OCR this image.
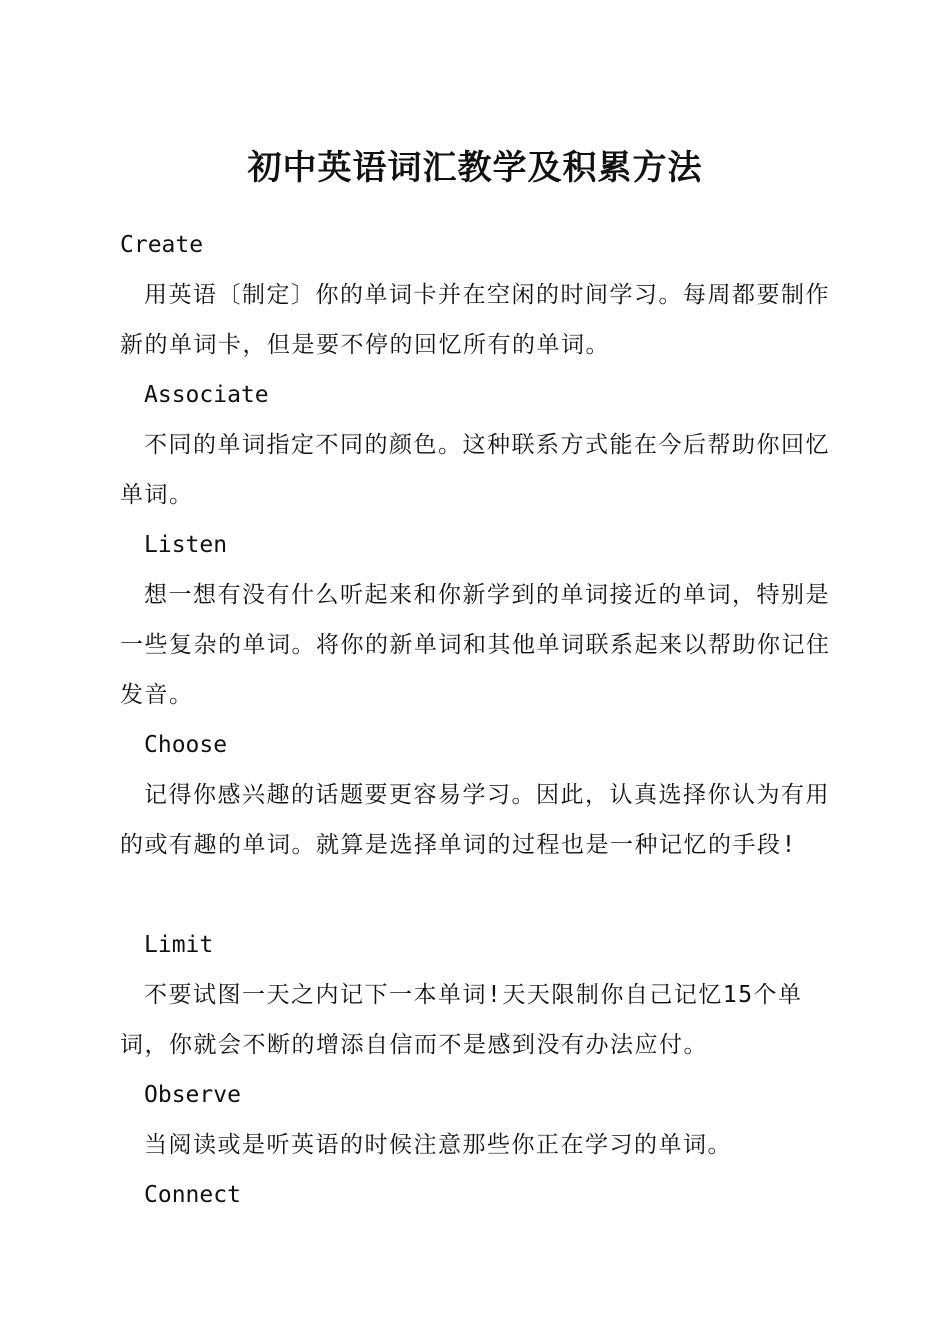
初中英语词汇教学及积累方法
Create

用英语〔制定〕你的单词卡并在空闲的时间学习。每周都要制作新的单词卡，但是要不停的回忆所有的单词。

Associate

不同的单词指定不同的颜色。这种联系方式能在今后帮助你回忆单词。

Listen

想一想有没有什么听起来和你新学到的单词接近的单词，特别是一些复杂的单词。将你的新单词和其他单词联系起来以帮助你记住发音。

Choose

记得你感兴趣的话题要更容易学习。因此，认真选择你认为有用的或有趣的单词。就算是选择单词的过程也是一种记忆的手段!

Limit

不要试图一天之内记下一本单词!天天限制你自己记忆15个单词，你就会不断的增添自信而不是感到没有办法应付。

Observe

当阅读或是听英语的时候注意那些你正在学习的单词。

Connect
